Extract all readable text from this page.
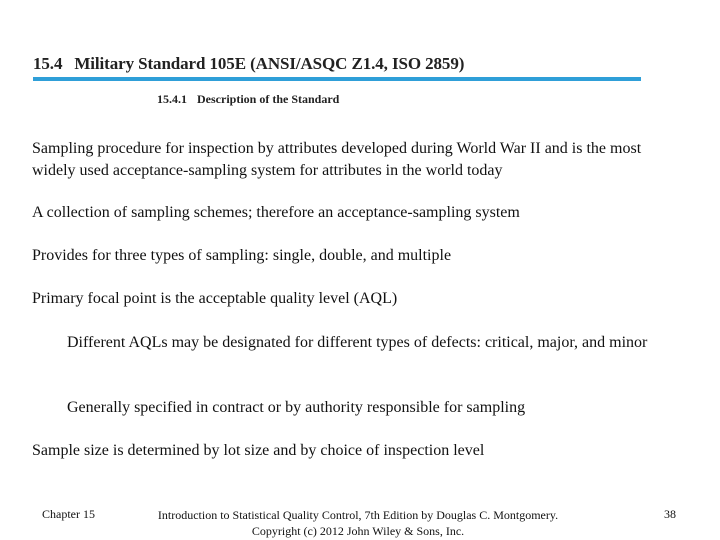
15.4 Military Standard 105E (ANSI/ASQC Z1.4, ISO 2859)
15.4.1 Description of the Standard
Sampling procedure for inspection by attributes developed during World War II and is the most widely used acceptance-sampling system for attributes in the world today
A collection of sampling schemes; therefore an acceptance-sampling system
Provides for three types of sampling: single, double, and multiple
Primary focal point is the acceptable quality level (AQL)
Different AQLs may be designated for different types of defects: critical, major, and minor
Generally specified in contract or by authority responsible for sampling
Sample size is determined by lot size and by choice of inspection level
Chapter 15	Introduction to Statistical Quality Control, 7th Edition by Douglas C. Montgomery.
Copyright (c) 2012 John Wiley & Sons, Inc.
38
